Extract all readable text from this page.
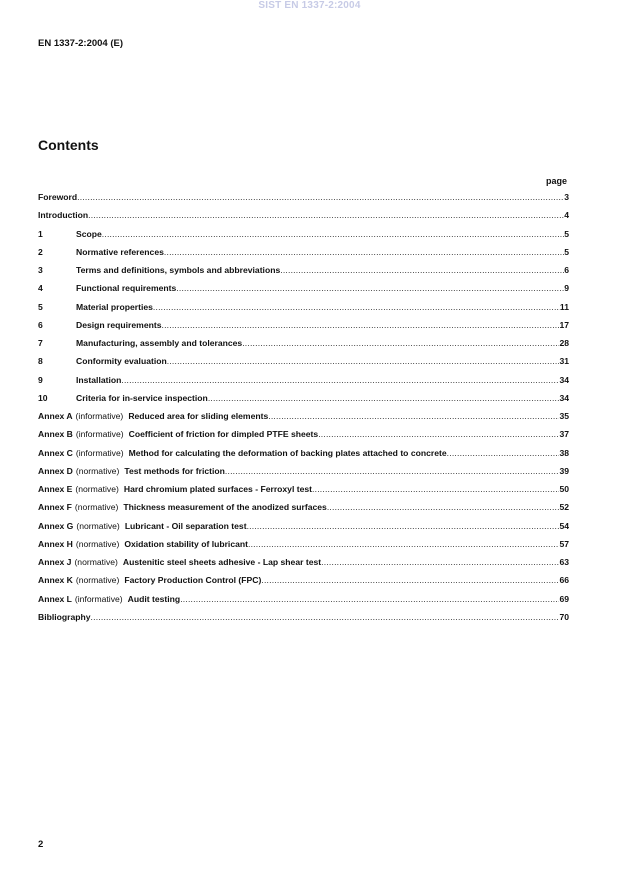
SIST EN 1337-2:2004
EN 1337-2:2004 (E)
Contents
page
Foreword .....	3
Introduction .....	4
1	Scope .....	5
2	Normative references .....	5
3	Terms and definitions, symbols and abbreviations .....	6
4	Functional requirements .....	9
5	Material properties .....	11
6	Design requirements .....	17
7	Manufacturing, assembly and tolerances .....	28
8	Conformity evaluation .....	31
9	Installation .....	34
10	Criteria for in-service inspection .....	34
Annex A (informative) Reduced area for sliding elements .....	35
Annex B (informative) Coefficient of friction for dimpled PTFE sheets .....	37
Annex C (informative) Method for calculating the deformation of backing plates attached to concrete .....	38
Annex D (normative) Test methods for friction .....	39
Annex E (normative) Hard chromium plated surfaces - Ferroxyl test .....	50
Annex F (normative) Thickness measurement of the anodized surfaces .....	52
Annex G (normative) Lubricant - Oil separation test .....	54
Annex H (normative) Oxidation stability of lubricant .....	57
Annex J (normative) Austenitic steel sheets adhesive - Lap shear test .....	63
Annex K (normative) Factory Production Control (FPC) .....	66
Annex L (informative) Audit testing .....	69
Bibliography .....	70
2
